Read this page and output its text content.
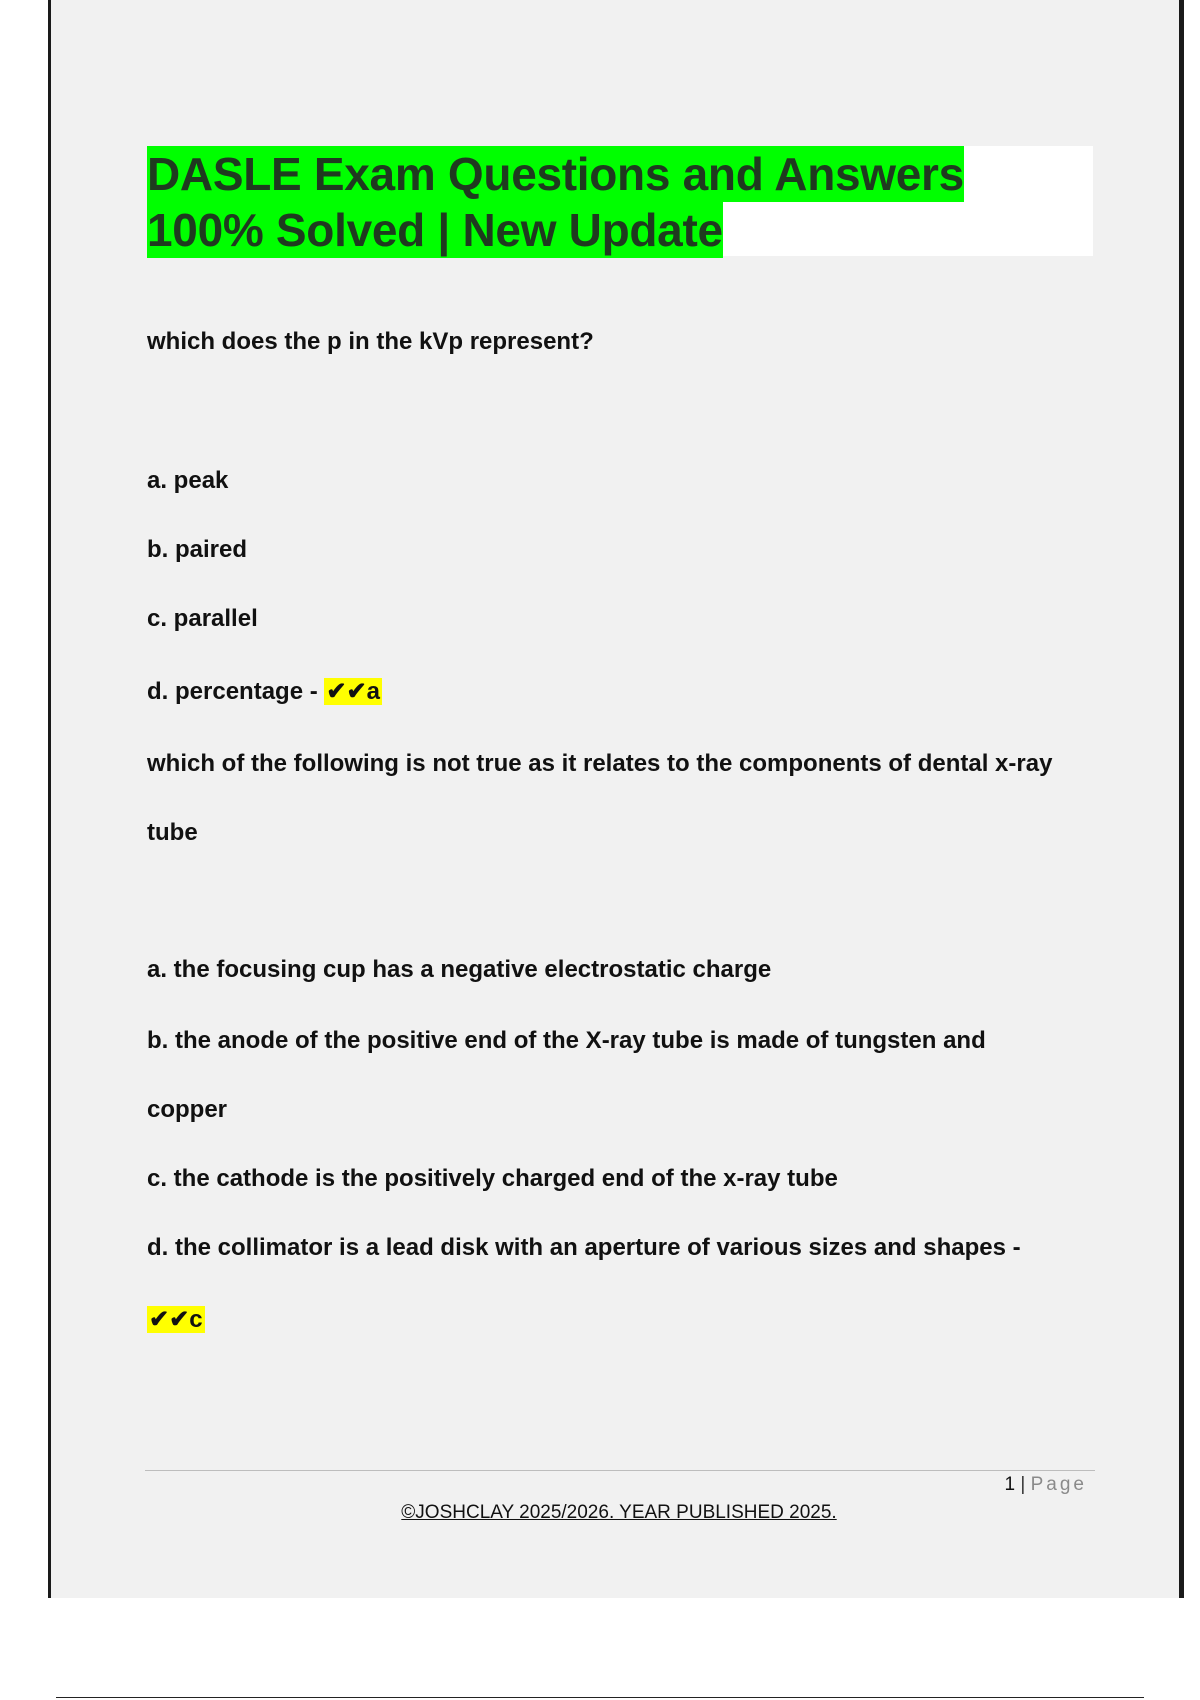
DASLE Exam Questions and Answers
100% Solved | New Update
which does the p in the kVp represent?
a. peak
b. paired
c. parallel
d. percentage - ✔✔a
which of the following is not true as it relates to the components of dental x-ray
tube
a. the focusing cup has a negative electrostatic charge
b. the anode of the positive end of the X-ray tube is made of tungsten and
copper
c. the cathode is the positively charged end of the x-ray tube
d. the collimator is a lead disk with an aperture of various sizes and shapes -
✔✔c
1 | Page
©JOSHCLAY 2025/2026. YEAR PUBLISHED 2025.
